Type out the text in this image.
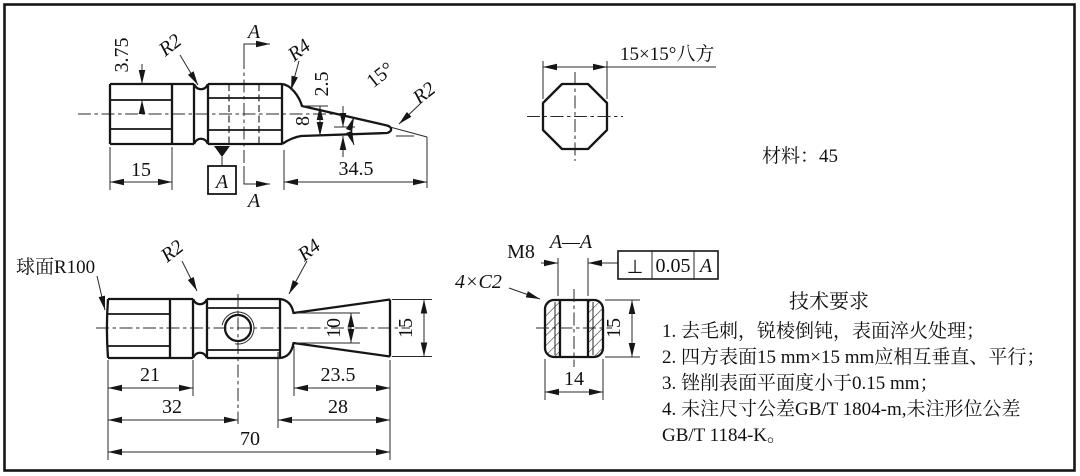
3.75 R2	R4
A
A
A
8
2.5 15°
R2
15	34.5
15×15°八方
材料：45
球面R100
R2	R4
10	15
21	23.5
32	28
70
A—A
M8
⊥ 0.05 A
4×C2
15
14
技术要求
1. 去毛刺，锐棱倒钝，表面淬火处理；
2. 四方表面15 mm×15 mm应相互垂直、平行；
3. 锉削表面平面度小于0.15 mm；
4. 未注尺寸公差GB/T 1804-m,未注形位公差
GB/T 1184-K。
